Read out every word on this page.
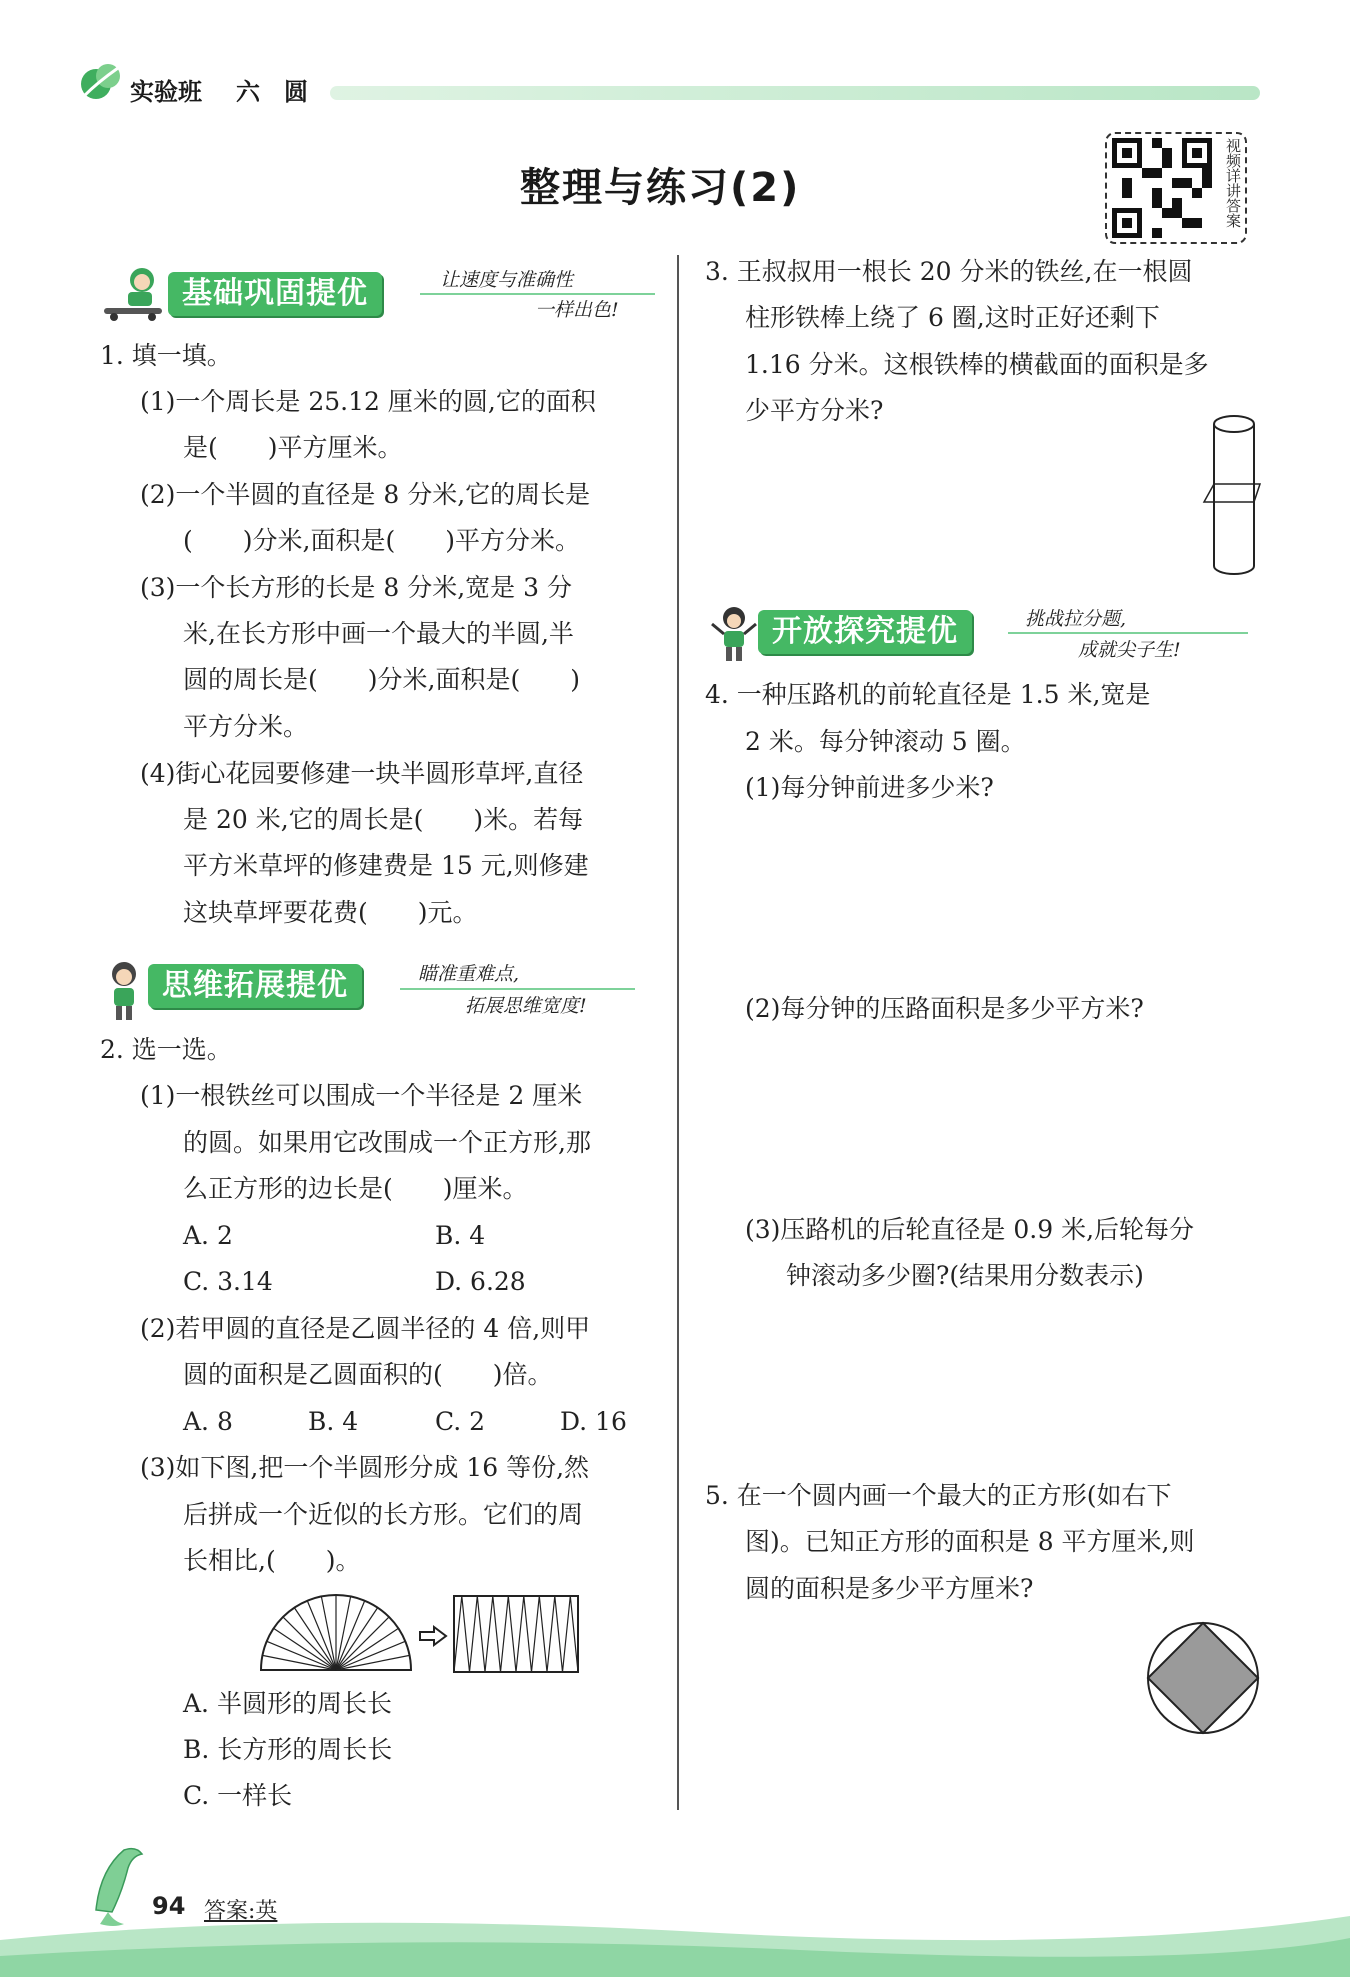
实验班 六 圆
整理与练习(2)	视频详讲答案
基础巩固提优	让速度与准确性
一样出色!
1. 填一填。
(1)一个周长是 25.12 厘米的圆,它的面积
是(　　)平方厘米。
(2)一个半圆的直径是 8 分米,它的周长是
(　　)分米,面积是(　　)平方分米。
(3)一个长方形的长是 8 分米,宽是 3 分
米,在长方形中画一个最大的半圆,半
圆的周长是(　　)分米,面积是(　　)
平方分米。
(4)街心花园要修建一块半圆形草坪,直径
是 20 米,它的周长是(　　)米。若每
平方米草坪的修建费是 15 元,则修建
这块草坪要花费(　　)元。
思维拓展提优	瞄准重难点,
拓展思维宽度!
2. 选一选。
(1)一根铁丝可以围成一个半径是 2 厘米
的圆。如果用它改围成一个正方形,那
么正方形的边长是(　　)厘米。
A. 2	B. 4
C. 3.14	D. 6.28
(2)若甲圆的直径是乙圆半径的 4 倍,则甲
圆的面积是乙圆面积的(　　)倍。
A. 8	B. 4	C. 2	D. 16
(3)如下图,把一个半圆形分成 16 等份,然
后拼成一个近似的长方形。它们的周
长相比,(　　)。
A. 半圆形的周长长
B. 长方形的周长长
C. 一样长
3. 王叔叔用一根长 20 分米的铁丝,在一根圆
柱形铁棒上绕了 6 圈,这时正好还剩下
1.16 分米。这根铁棒的横截面的面积是多
少平方分米?
开放探究提优	挑战拉分题,
成就尖子生!
4. 一种压路机的前轮直径是 1.5 米,宽是
2 米。每分钟滚动 5 圈。
(1)每分钟前进多少米?
(2)每分钟的压路面积是多少平方米?
(3)压路机的后轮直径是 0.9 米,后轮每分
钟滚动多少圈?(结果用分数表示)
5. 在一个圆内画一个最大的正方形(如右下
图)。已知正方形的面积是 8 平方厘米,则
圆的面积是多少平方厘米?
94 答案:英
